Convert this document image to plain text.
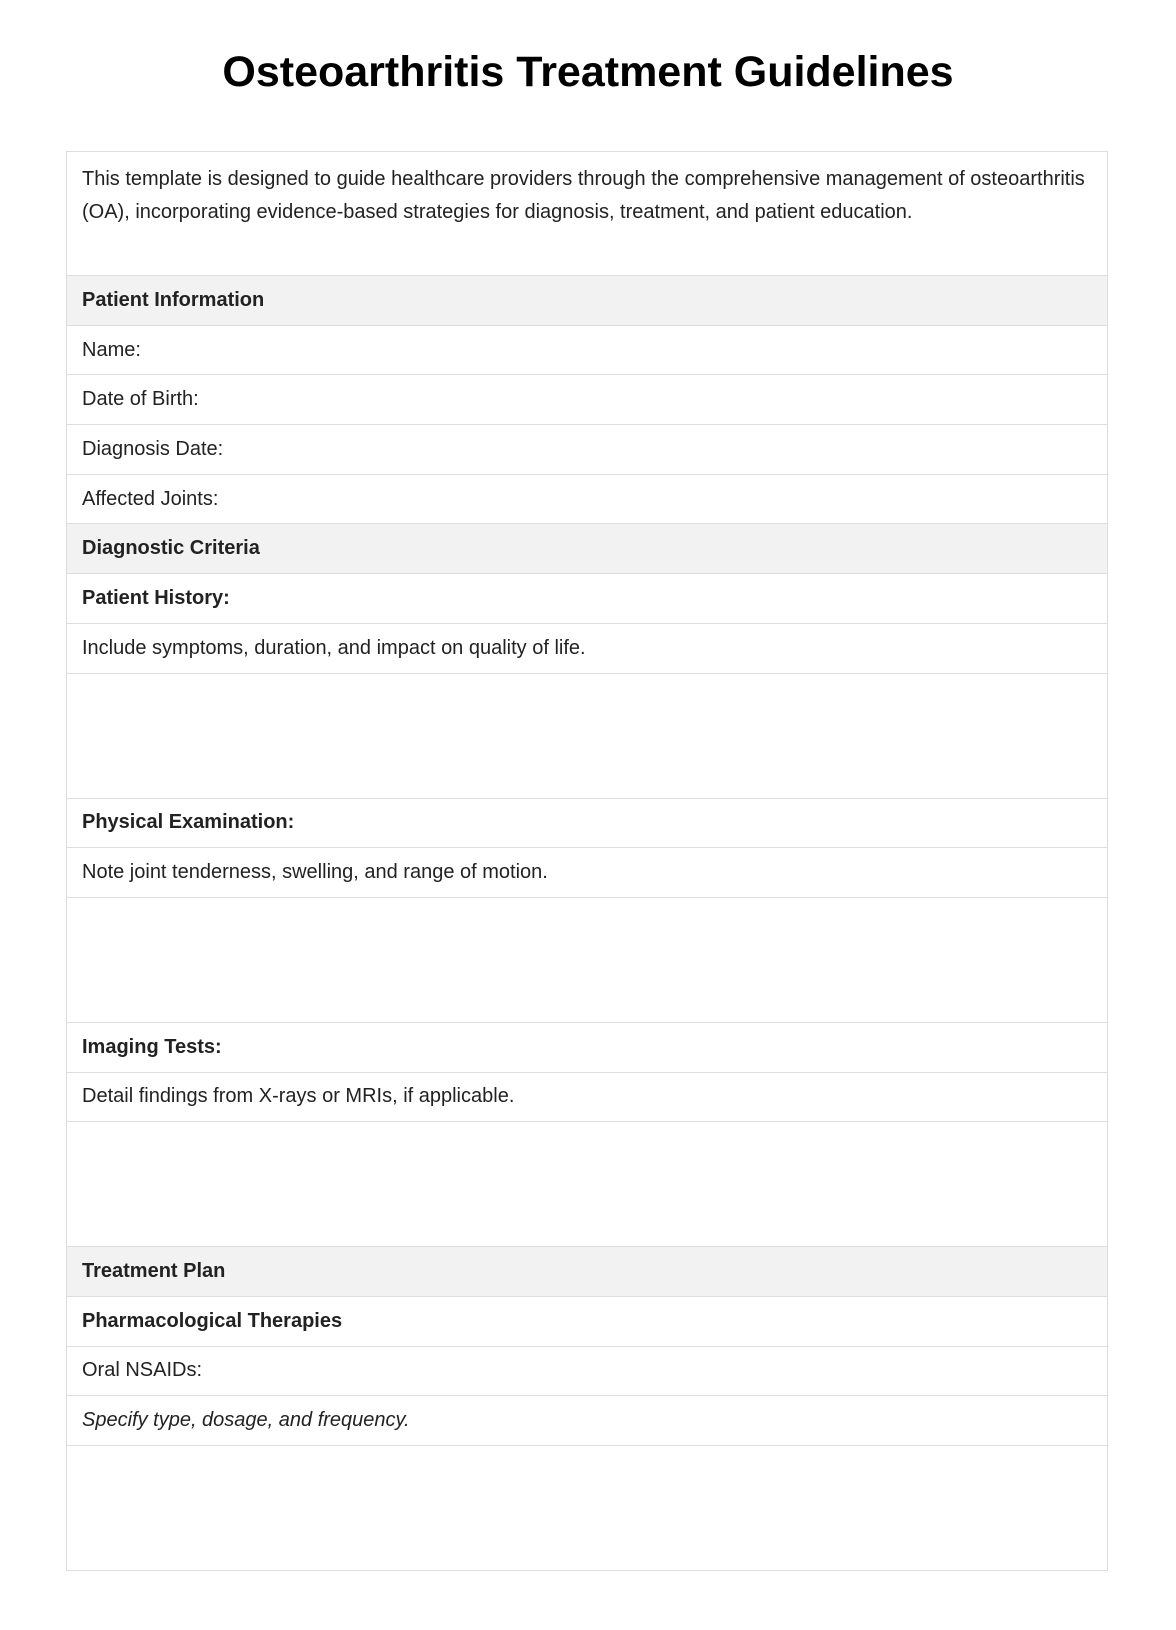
Osteoarthritis Treatment Guidelines
This template is designed to guide healthcare providers through the comprehensive management of osteoarthritis (OA), incorporating evidence-based strategies for diagnosis, treatment, and patient education.
Patient Information
Name:
Date of Birth:
Diagnosis Date:
Affected Joints:
Diagnostic Criteria
Patient History:
Include symptoms, duration, and impact on quality of life.
Physical Examination:
Note joint tenderness, swelling, and range of motion.
Imaging Tests:
Detail findings from X-rays or MRIs, if applicable.
Treatment Plan
Pharmacological Therapies
Oral NSAIDs:
Specify type, dosage, and frequency.
